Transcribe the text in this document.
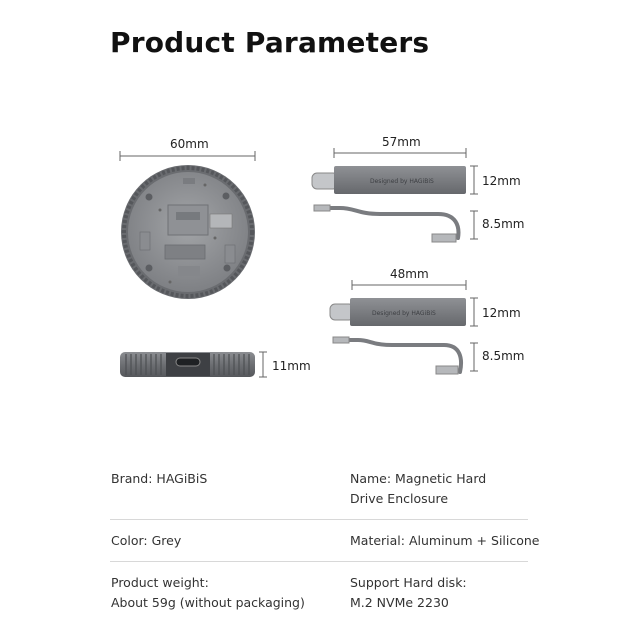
Product Parameters
Designed by HAGiBiS
Designed by HAGiBiS
60mm
11mm
57mm
12mm
8.5mm
48mm
12mm
8.5mm
Brand: HAGiBiS	Name: Magnetic Hard
Drive Enclosure
Color: Grey	Material: Aluminum + Silicone
Product weight:
About 59g (without packaging)
Support Hard disk:
M.2 NVMe 2230
